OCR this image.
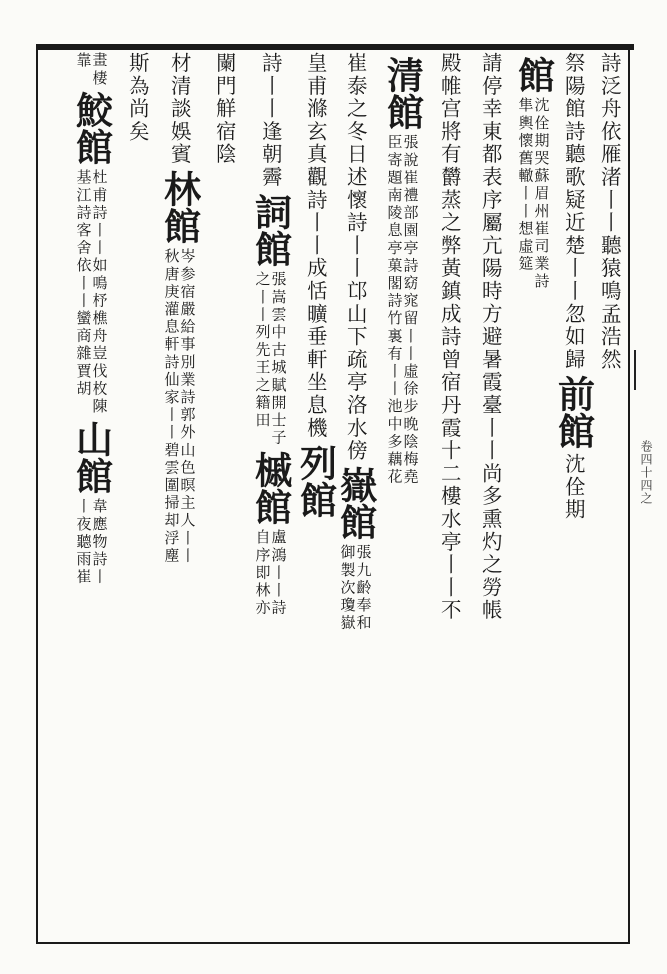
詩泛舟依雁渚丨丨聽猿鳴孟浩然
祭陽館詩聽歌疑近楚丨丨忽如歸
前館
沈佺期
館
沈佺期哭蘇眉州崔司業詩
隼輿懷舊轍丨丨想虛筵
請停幸東都表序屬亢陽時方避暑霞臺丨丨尚多熏灼之勞帳
殿帷宫將有欝蒸之弊黃鎮成詩曾宿丹霞十二樓水亭丨丨不
清館
張說崔禮部園亭詩窈窕留丨丨虛徐步晚陰梅堯
臣寄題南陵息亭菓閣詩竹裏有丨丨池中多藕花
崔泰之冬日述懷詩丨丨邙山下疏亭洛水傍
嶽館
張九齡奉和
御製次瓊嶽
皇甫滌玄真觀詩丨丨成恬曠垂軒坐息機
列館
詩丨丨逢朝霽
詞館
張嵩雲中古城賦開士子
之丨丨列先王之籍田
槭館
盧鴻丨丨詩
自序即林亦
闌門觧宿陰
材清談娛賓
林館
岑参宿嚴給事別業詩郭外山色暝主人丨丨
秋唐庚灌息軒詩仙家丨丨碧雲圍掃却浮塵
斯為尚矣
畫棲
靠
鮫館
杜甫詩丨丨如鳴杼樵舟豈伐枚陳
基江詩客舍依丨丨蠻商雜賈胡
山館
韋應物詩丨
丨夜聽雨崔
卷四十四之
